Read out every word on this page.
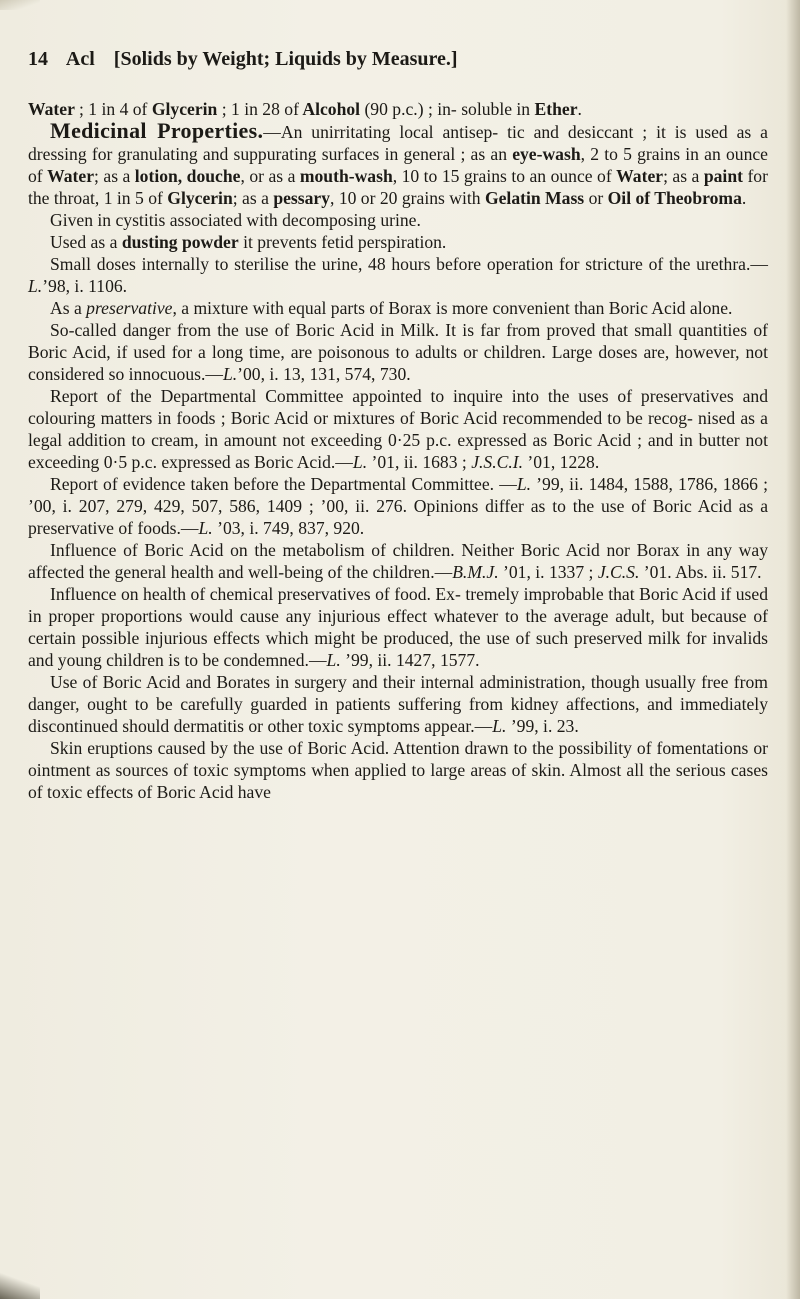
14 Acl [Solids by Weight; Liquids by Measure.]

Water ; 1 in 4 of Glycerin ; 1 in 28 of Alcohol (90 p.c.) ; in- soluble in Ether.

Medicinal Properties.—An unirritating local antisep- tic and desiccant ; it is used as a dressing for granulating and suppurating surfaces in general ; as an eye-wash, 2 to 5 grains in an ounce of Water; as a lotion, douche, or as a mouth-wash, 10 to 15 grains to an ounce of Water; as a paint for the throat, 1 in 5 of Glycerin; as a pessary, 10 or 20 grains with Gelatin Mass or Oil of Theobroma.

Given in cystitis associated with decomposing urine.

Used as a dusting powder it prevents fetid perspiration.

Small doses internally to sterilise the urine, 48 hours before operation for stricture of the urethra.—L.’98, i. 1106.

As a preservative, a mixture with equal parts of Borax is more convenient than Boric Acid alone.

So-called danger from the use of Boric Acid in Milk. It is far from proved that small quantities of Boric Acid, if used for a long time, are poisonous to adults or children. Large doses are, however, not considered so innocuous.—L.’00, i. 13, 131, 574, 730.

Report of the Departmental Committee appointed to inquire into the uses of preservatives and colouring matters in foods ; Boric Acid or mixtures of Boric Acid recommended to be recog- nised as a legal addition to cream, in amount not exceeding 0·25 p.c. expressed as Boric Acid ; and in butter not exceeding 0·5 p.c. expressed as Boric Acid.—L. ’01, ii. 1683 ; J.S.C.I. ’01, 1228.

Report of evidence taken before the Departmental Committee. —L. ’99, ii. 1484, 1588, 1786, 1866 ; ’00, i. 207, 279, 429, 507, 586, 1409 ; ’00, ii. 276. Opinions differ as to the use of Boric Acid as a preservative of foods.—L. ’03, i. 749, 837, 920.

Influence of Boric Acid on the metabolism of children. Neither Boric Acid nor Borax in any way affected the general health and well-being of the children.—B.M.J. ’01, i. 1337 ; J.C.S. ’01. Abs. ii. 517.

Influence on health of chemical preservatives of food. Ex- tremely improbable that Boric Acid if used in proper proportions would cause any injurious effect whatever to the average adult, but because of certain possible injurious effects which might be produced, the use of such preserved milk for invalids and young children is to be condemned.—L. ’99, ii. 1427, 1577.

Use of Boric Acid and Borates in surgery and their internal administration, though usually free from danger, ought to be carefully guarded in patients suffering from kidney affections, and immediately discontinued should dermatitis or other toxic symptoms appear.—L. ’99, i. 23.

Skin eruptions caused by the use of Boric Acid. Attention drawn to the possibility of fomentations or ointment as sources of toxic symptoms when applied to large areas of skin. Almost all the serious cases of toxic effects of Boric Acid have
